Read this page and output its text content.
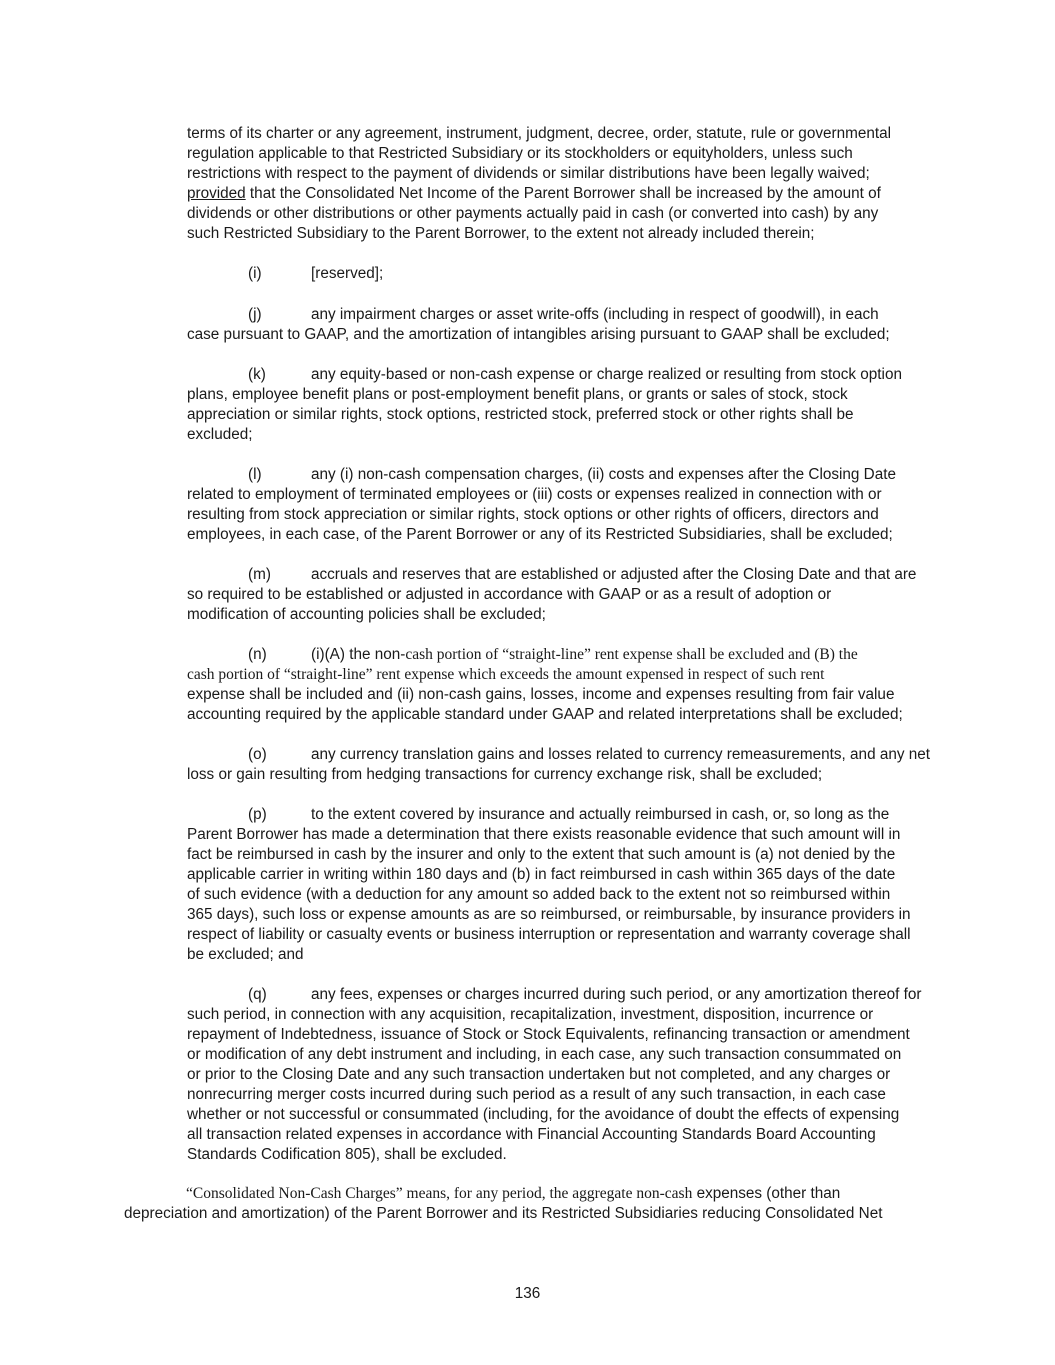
terms of its charter or any agreement, instrument, judgment, decree, order, statute, rule or governmental
regulation applicable to that Restricted Subsidiary or its stockholders or equityholders, unless such
restrictions with respect to the payment of dividends or similar distributions have been legally waived;
provided that the Consolidated Net Income of the Parent Borrower shall be increased by the amount of
dividends or other distributions or other payments actually paid in cash (or converted into cash) by any
such Restricted Subsidiary to the Parent Borrower, to the extent not already included therein;
(i)	[reserved];
(j)	any impairment charges or asset write-offs (including in respect of goodwill), in each
case pursuant to GAAP, and the amortization of intangibles arising pursuant to GAAP shall be excluded;
(k)	any equity-based or non-cash expense or charge realized or resulting from stock option
plans, employee benefit plans or post-employment benefit plans, or grants or sales of stock, stock
appreciation or similar rights, stock options, restricted stock, preferred stock or other rights shall be
excluded;
(l)	any (i) non-cash compensation charges, (ii) costs and expenses after the Closing Date
related to employment of terminated employees or (iii) costs or expenses realized in connection with or
resulting from stock appreciation or similar rights, stock options or other rights of officers, directors and
employees, in each case, of the Parent Borrower or any of its Restricted Subsidiaries, shall be excluded;
(m)	accruals and reserves that are established or adjusted after the Closing Date and that are
so required to be established or adjusted in accordance with GAAP or as a result of adoption or
modification of accounting policies shall be excluded;
(n)	(i)(A) the non-cash portion of “straight-line” rent expense shall be excluded and (B) the
cash portion of “straight-line” rent expense which exceeds the amount expensed in respect of such rent
expense shall be included and (ii) non-cash gains, losses, income and expenses resulting from fair value
accounting required by the applicable standard under GAAP and related interpretations shall be excluded;
(o)	any currency translation gains and losses related to currency remeasurements, and any net
loss or gain resulting from hedging transactions for currency exchange risk, shall be excluded;
(p)	to the extent covered by insurance and actually reimbursed in cash, or, so long as the
Parent Borrower has made a determination that there exists reasonable evidence that such amount will in
fact be reimbursed in cash by the insurer and only to the extent that such amount is (a) not denied by the
applicable carrier in writing within 180 days and (b) in fact reimbursed in cash within 365 days of the date
of such evidence (with a deduction for any amount so added back to the extent not so reimbursed within
365 days), such loss or expense amounts as are so reimbursed, or reimbursable, by insurance providers in
respect of liability or casualty events or business interruption or representation and warranty coverage shall
be excluded; and
(q)	any fees, expenses or charges incurred during such period, or any amortization thereof for
such period, in connection with any acquisition, recapitalization, investment, disposition, incurrence or
repayment of Indebtedness, issuance of Stock or Stock Equivalents, refinancing transaction or amendment
or modification of any debt instrument and including, in each case, any such transaction consummated on
or prior to the Closing Date and any such transaction undertaken but not completed, and any charges or
nonrecurring merger costs incurred during such period as a result of any such transaction, in each case
whether or not successful or consummated (including, for the avoidance of doubt the effects of expensing
all transaction related expenses in accordance with Financial Accounting Standards Board Accounting
Standards Codification 805), shall be excluded.
“Consolidated Non-Cash Charges” means, for any period, the aggregate non-cash expenses (other than
depreciation and amortization) of the Parent Borrower and its Restricted Subsidiaries reducing Consolidated Net
136
